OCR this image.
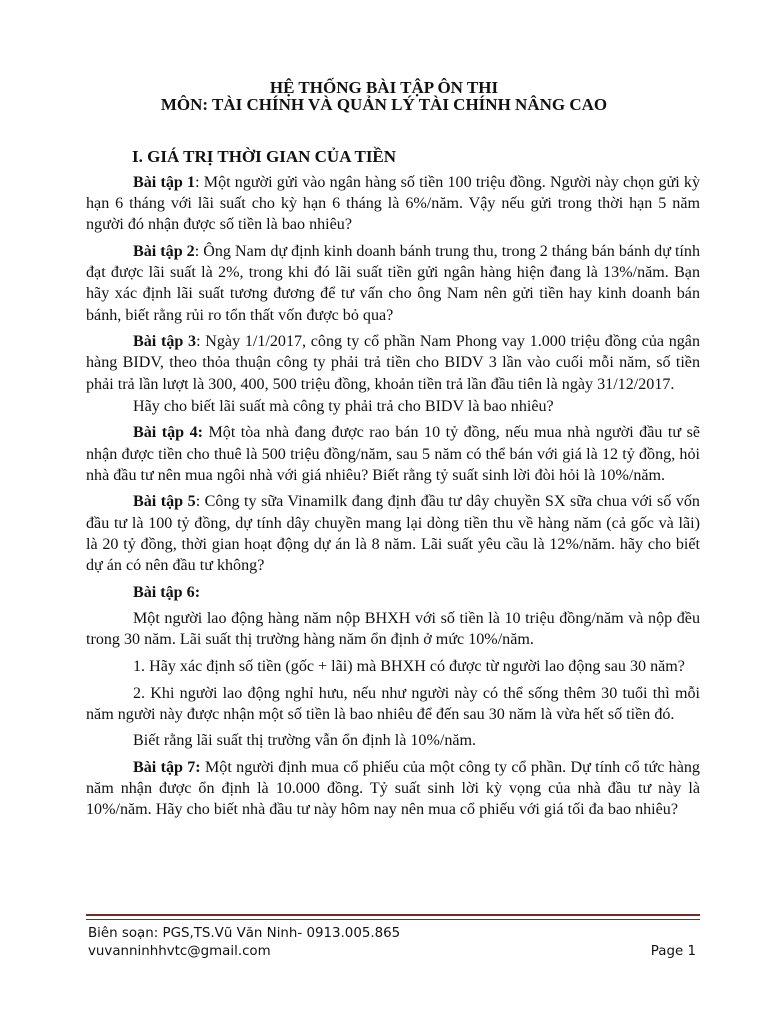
HỆ THỐNG BÀI TẬP ÔN THI
MÔN: TÀI CHÍNH VÀ QUẢN LÝ TÀI CHÍNH NÂNG CAO
I. GIÁ TRỊ THỜI GIAN CỦA TIỀN

Bài tập 1: Một người gửi vào ngân hàng số tiền 100 triệu đồng. Người này chọn gửi kỳ hạn 6 tháng với lãi suất cho kỳ hạn 6 tháng là 6%/năm. Vậy nếu gửi trong thời hạn 5 năm người đó nhận được số tiền là bao nhiêu?

Bài tập 2: Ông Nam dự định kinh doanh bánh trung thu, trong 2 tháng bán bánh dự tính đạt được lãi suất là 2%, trong khi đó lãi suất tiền gửi ngân hàng hiện đang là 13%/năm. Bạn hãy xác định lãi suất tương đương để tư vấn cho ông Nam nên gửi tiền hay kinh doanh bán bánh, biết rằng rủi ro tổn thất vốn được bỏ qua?

Bài tập 3: Ngày 1/1/2017, công ty cổ phần Nam Phong vay 1.000 triệu đồng của ngân hàng BIDV, theo thỏa thuận công ty phải trả tiền cho BIDV 3 lần vào cuối mỗi năm, số tiền phải trả lần lượt là 300, 400, 500 triệu đồng, khoản tiền trả lần đầu tiên là ngày 31/12/2017.

Hãy cho biết lãi suất mà công ty phải trả cho BIDV là bao nhiêu?

Bài tập 4: Một tòa nhà đang được rao bán 10 tỷ đồng, nếu mua nhà người đầu tư sẽ nhận được tiền cho thuê là 500 triệu đồng/năm, sau 5 năm có thể bán với giá là 12 tỷ đồng, hỏi nhà đầu tư nên mua ngôi nhà với giá nhiêu? Biết rằng tỷ suất sinh lời đòi hỏi là 10%/năm.

Bài tập 5: Công ty sữa Vinamilk đang định đầu tư dây chuyền SX sữa chua với số vốn đầu tư là 100 tỷ đồng, dự tính dây chuyền mang lại dòng tiền thu về hàng năm (cả gốc và lãi) là 20 tỷ đồng, thời gian hoạt động dự án là 8 năm. Lãi suất yêu cầu là 12%/năm. hãy cho biết dự án có nên đầu tư không?

Bài tập 6:

Một người lao động hàng năm nộp BHXH với số tiền là 10 triệu đồng/năm và nộp đều trong 30 năm. Lãi suất thị trường hàng năm ổn định ở mức 10%/năm.

1. Hãy xác định số tiền (gốc + lãi) mà BHXH có được từ người lao động sau 30 năm?

2. Khi người lao động nghỉ hưu, nếu như người này có thể sống thêm 30 tuổi thì mỗi năm người này được nhận một số tiền là bao nhiêu để đến sau 30 năm là vừa hết số tiền đó.

Biết rằng lãi suất thị trường vẫn ổn định là 10%/năm.

Bài tập 7: Một người định mua cổ phiếu của một công ty cổ phần. Dự tính cổ tức hàng năm nhận được ổn định là 10.000 đồng. Tỷ suất sinh lời kỳ vọng của nhà đầu tư này là 10%/năm. Hãy cho biết nhà đầu tư này hôm nay nên mua cổ phiếu với giá tối đa bao nhiêu?

Biên soạn: PGS,TS.Vũ Văn Ninh- 0913.005.865
vuvanninhhvtc@gmail.com	Page 1
